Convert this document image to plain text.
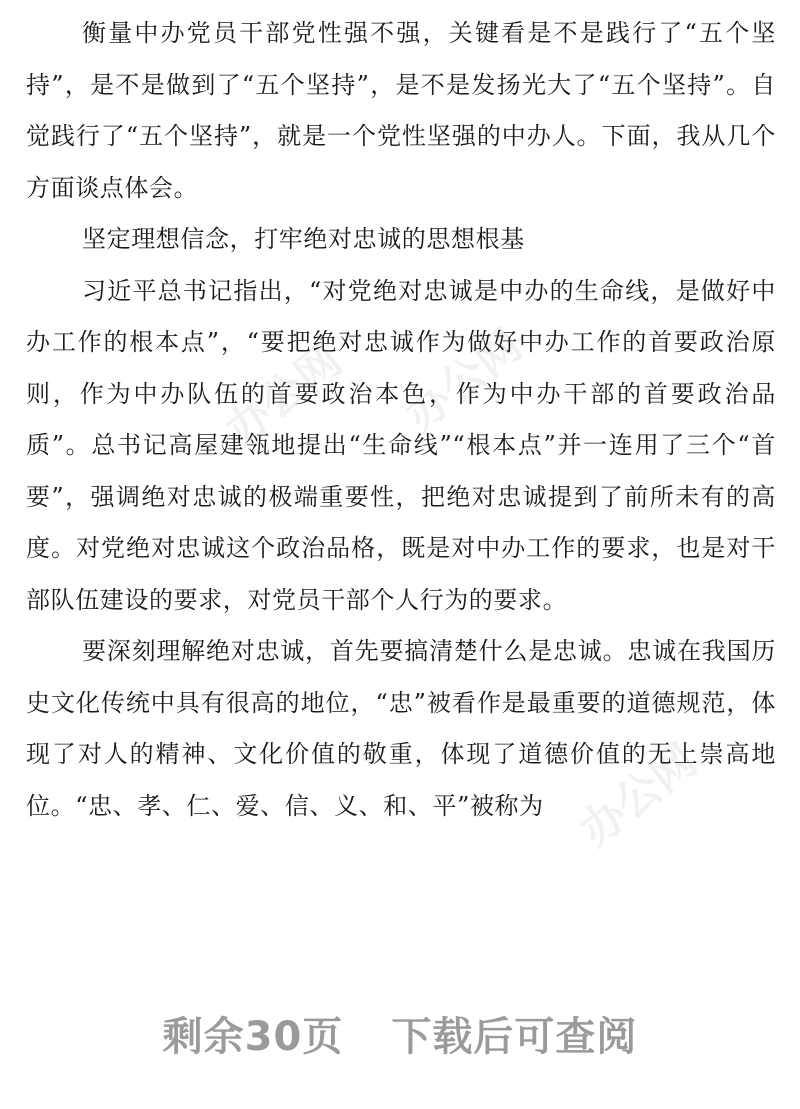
办公网 办公网
办公网

衡量中办党员干部党性强不强，关键看是不是践行了“五个坚持”，是不是做到了“五个坚持”，是不是发扬光大了“五个坚持”。自觉践行了“五个坚持”，就是一个党性坚强的中办人。下面，我从几个方面谈点体会。

坚定理想信念，打牢绝对忠诚的思想根基

习近平总书记指出，“对党绝对忠诚是中办的生命线，是做好中办工作的根本点”，“要把绝对忠诚作为做好中办工作的首要政治原则，作为中办队伍的首要政治本色，作为中办干部的首要政治品质”。总书记高屋建瓴地提出“生命线”“根本点”并一连用了三个“首要”，强调绝对忠诚的极端重要性，把绝对忠诚提到了前所未有的高度。对党绝对忠诚这个政治品格，既是对中办工作的要求，也是对干部队伍建设的要求，对党员干部个人行为的要求。

要深刻理解绝对忠诚，首先要搞清楚什么是忠诚。忠诚在我国历史文化传统中具有很高的地位，“忠”被看作是最重要的道德规范，体现了对人的精神、文化价值的敬重，体现了道德价值的无上崇高地位。“忠、孝、仁、爱、信、义、和、平”被称为

剩余30页 下载后可查阅
